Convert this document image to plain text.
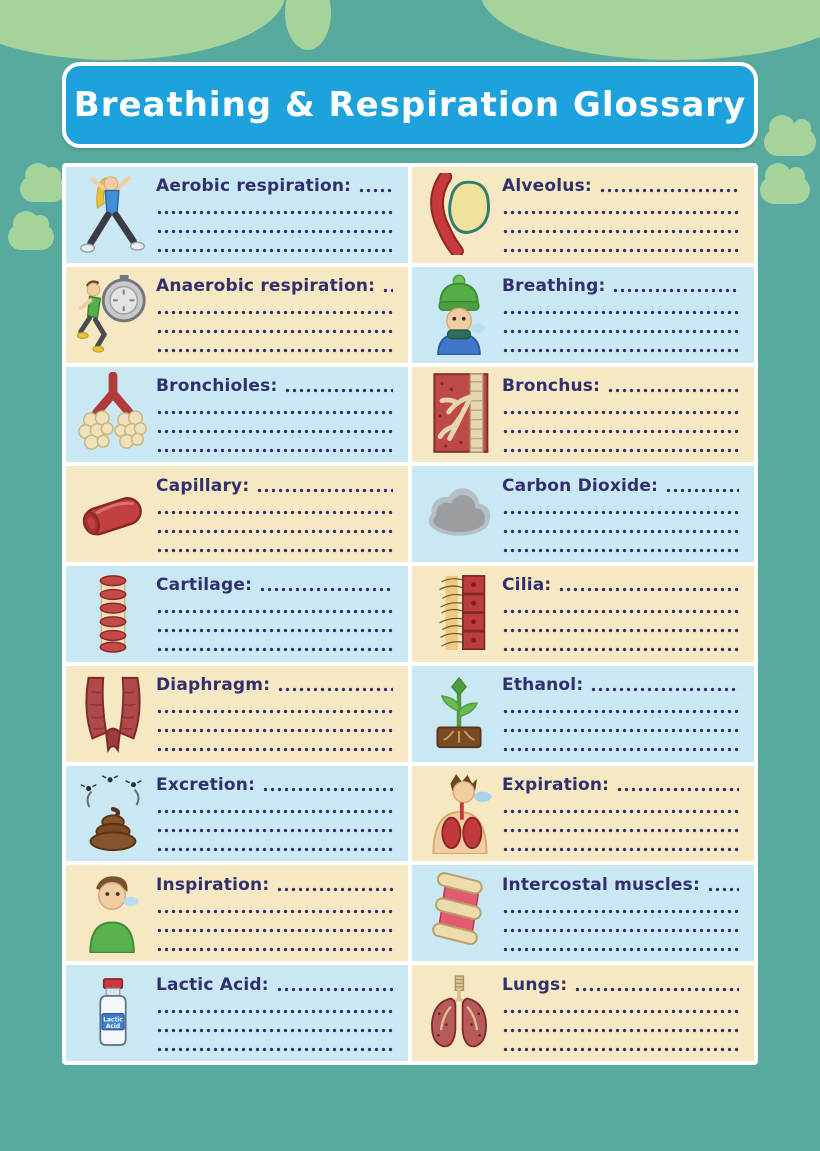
Breathing & Respiration Glossary
Aerobic respiration:	Alveolus:
Anaerobic respiration:	Breathing:
Bronchioles:	Bronchus:
Capillary:	Carbon Dioxide:
Cartilage:	Cilia:
Diaphragm:	Ethanol:
Excretion:	Expiration:
Inspiration:	Intercostal muscles:
Lactic
Acid
Lactic Acid:	Lungs:
